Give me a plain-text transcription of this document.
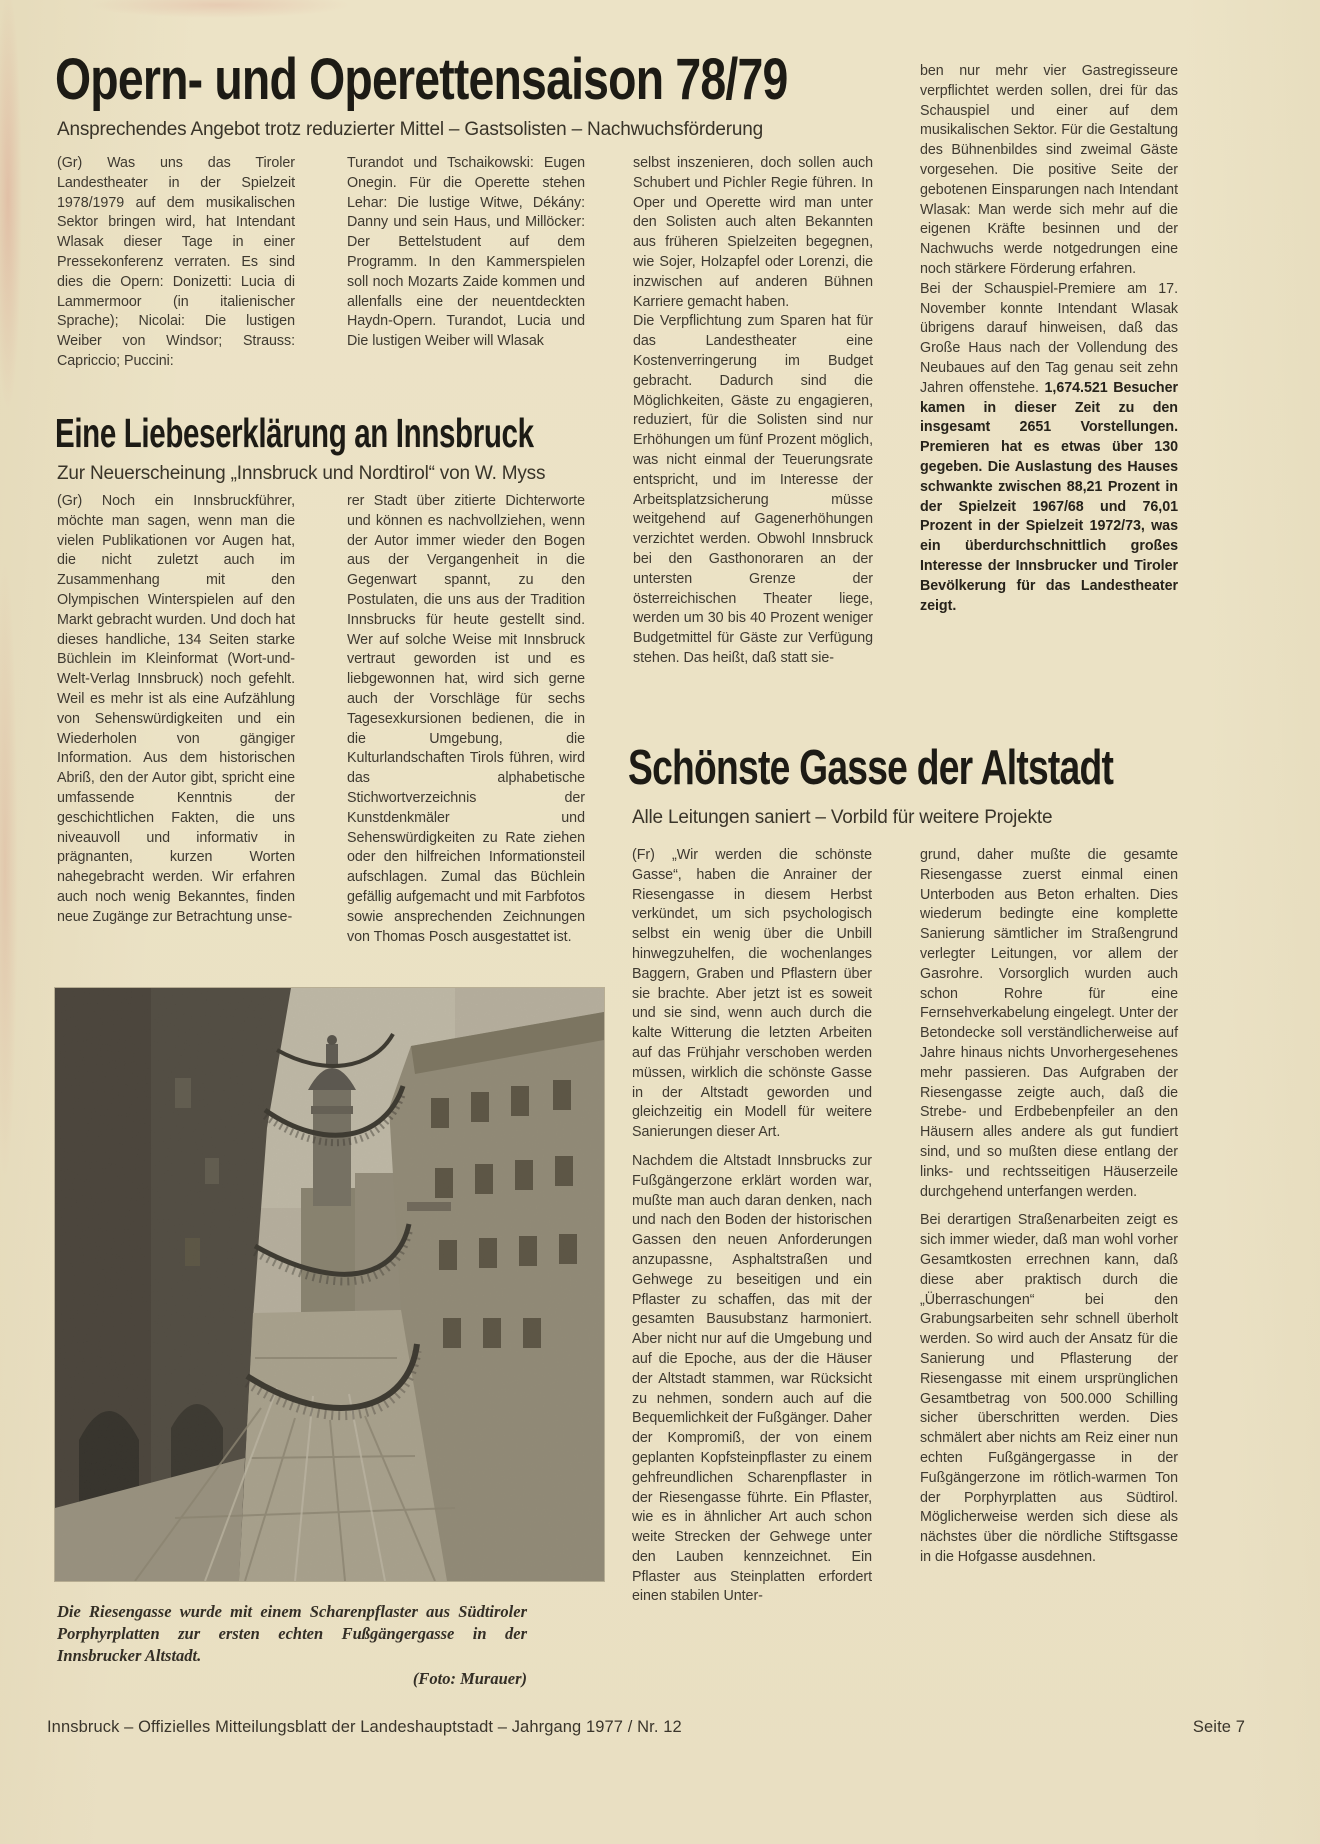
Opern- und Operettensaison 78/79
Ansprechendes Angebot trotz reduzierter Mittel – Gastsolisten – Nachwuchsförderung

(Gr) Was uns das Tiroler Landestheater in der Spielzeit 1978/1979 auf dem musikalischen Sektor bringen wird, hat Intendant Wlasak dieser Tage in einer Pressekonferenz verraten. Es sind dies die Opern: Donizetti: Lucia di Lammermoor (in italienischer Sprache); Nicolai: Die lustigen Weiber von Windsor; Strauss: Capriccio; Puccini:

Turandot und Tschaikowski: Eugen Onegin. Für die Operette stehen Lehar: Die lustige Witwe, Dékány: Danny und sein Haus, und Millöcker: Der Bettelstudent auf dem Programm. In den Kammerspielen soll noch Mozarts Zaide kommen und allenfalls eine der neuentdeckten Haydn-Opern. Turandot, Lucia und Die lustigen Weiber will Wlasak

selbst inszenieren, doch sollen auch Schubert und Pichler Regie führen. In Oper und Operette wird man unter den Solisten auch alten Bekannten aus früheren Spielzeiten begegnen, wie Sojer, Holzapfel oder Lorenzi, die inzwischen auf anderen Bühnen Karriere gemacht haben.

Die Verpflichtung zum Sparen hat für das Landestheater eine Kostenverringerung im Budget gebracht. Dadurch sind die Möglichkeiten, Gäste zu engagieren, reduziert, für die Solisten sind nur Erhöhungen um fünf Prozent möglich, was nicht einmal der Teuerungsrate entspricht, und im Interesse der Arbeitsplatzsicherung müsse weitgehend auf Gagenerhöhungen verzichtet werden. Obwohl Innsbruck bei den Gasthonoraren an der untersten Grenze der österreichischen Theater liege, werden um 30 bis 40 Prozent weniger Budgetmittel für Gäste zur Verfügung stehen. Das heißt, daß statt sie-

ben nur mehr vier Gastregisseure verpflichtet werden sollen, drei für das Schauspiel und einer auf dem musikalischen Sektor. Für die Gestaltung des Bühnenbildes sind zweimal Gäste vorgesehen. Die positive Seite der gebotenen Einsparungen nach Intendant Wlasak: Man werde sich mehr auf die eigenen Kräfte besinnen und der Nachwuchs werde notgedrungen eine noch stärkere Förderung erfahren.

Bei der Schauspiel-Premiere am 17. November konnte Intendant Wlasak übrigens darauf hinweisen, daß das Große Haus nach der Vollendung des Neubaues auf den Tag genau seit zehn Jahren offenstehe. 1,674.521 Besucher kamen in dieser Zeit zu den insgesamt 2651 Vorstellungen. Premieren hat es etwas über 130 gegeben. Die Auslastung des Hauses schwankte zwischen 88,21 Prozent in der Spielzeit 1967/68 und 76,01 Prozent in der Spielzeit 1972/73, was ein überdurchschnittlich großes Interesse der Innsbrucker und Tiroler Bevölkerung für das Landestheater zeigt.

Eine Liebeserklärung an Innsbruck
Zur Neuerscheinung „Innsbruck und Nordtirol“ von W. Myss

(Gr) Noch ein Innsbruckführer, möchte man sagen, wenn man die vielen Publikationen vor Augen hat, die nicht zuletzt auch im Zusammenhang mit den Olympischen Winterspielen auf den Markt gebracht wurden. Und doch hat dieses handliche, 134 Seiten starke Büchlein im Kleinformat (Wort-und-Welt-Verlag Innsbruck) noch gefehlt. Weil es mehr ist als eine Aufzählung von Sehenswürdigkeiten und ein Wiederholen von gängiger Information. Aus dem historischen Abriß, den der Autor gibt, spricht eine umfassende Kenntnis der geschichtlichen Fakten, die uns niveauvoll und informativ in prägnanten, kurzen Worten nahegebracht werden. Wir erfahren auch noch wenig Bekanntes, finden neue Zugänge zur Betrachtung unse-

rer Stadt über zitierte Dichterworte und können es nachvollziehen, wenn der Autor immer wieder den Bogen aus der Vergangenheit in die Gegenwart spannt, zu den Postulaten, die uns aus der Tradition Innsbrucks für heute gestellt sind. Wer auf solche Weise mit Innsbruck vertraut geworden ist und es liebgewonnen hat, wird sich gerne auch der Vorschläge für sechs Tagesexkursionen bedienen, die in die Umgebung, die Kulturlandschaften Tirols führen, wird das alphabetische Stichwortverzeichnis der Kunstdenkmäler und Sehenswürdigkeiten zu Rate ziehen oder den hilfreichen Informationsteil aufschlagen. Zumal das Büchlein gefällig aufgemacht und mit Farbfotos sowie ansprechenden Zeichnungen von Thomas Posch ausgestattet ist.

Schönste Gasse der Altstadt
Alle Leitungen saniert – Vorbild für weitere Projekte

(Fr) „Wir werden die schönste Gasse“, haben die Anrainer der Riesengasse in diesem Herbst verkündet, um sich psychologisch selbst ein wenig über die Unbill hinwegzuhelfen, die wochenlanges Baggern, Graben und Pflastern über sie brachte. Aber jetzt ist es soweit und sie sind, wenn auch durch die kalte Witterung die letzten Arbeiten auf das Frühjahr verschoben werden müssen, wirklich die schönste Gasse in der Altstadt geworden und gleichzeitig ein Modell für weitere Sanierungen dieser Art.

Nachdem die Altstadt Innsbrucks zur Fußgängerzone erklärt worden war, mußte man auch daran denken, nach und nach den Boden der historischen Gassen den neuen Anforderungen anzupassne, Asphaltstraßen und Gehwege zu beseitigen und ein Pflaster zu schaffen, das mit der gesamten Bausubstanz harmoniert. Aber nicht nur auf die Umgebung und auf die Epoche, aus der die Häuser der Altstadt stammen, war Rücksicht zu nehmen, sondern auch auf die Bequemlichkeit der Fußgänger. Daher der Kompromiß, der von einem geplanten Kopfsteinpflaster zu einem gehfreundlichen Scharenpflaster in der Riesengasse führte. Ein Pflaster, wie es in ähnlicher Art auch schon weite Strecken der Gehwege unter den Lauben kennzeichnet. Ein Pflaster aus Steinplatten erfordert einen stabilen Unter-

grund, daher mußte die gesamte Riesengasse zuerst einmal einen Unterboden aus Beton erhalten. Dies wiederum bedingte eine komplette Sanierung sämtlicher im Straßengrund verlegter Leitungen, vor allem der Gasrohre. Vorsorglich wurden auch schon Rohre für eine Fernsehverkabelung eingelegt. Unter der Betondecke soll verständlicherweise auf Jahre hinaus nichts Unvorhergesehenes mehr passieren. Das Aufgraben der Riesengasse zeigte auch, daß die Strebe- und Erdbebenpfeiler an den Häusern alles andere als gut fundiert sind, und so mußten diese entlang der links- und rechtsseitigen Häuserzeile durchgehend unterfangen werden.

Bei derartigen Straßenarbeiten zeigt es sich immer wieder, daß man wohl vorher Gesamtkosten errechnen kann, daß diese aber praktisch durch die „Überraschungen“ bei den Grabungsarbeiten sehr schnell überholt werden. So wird auch der Ansatz für die Sanierung und Pflasterung der Riesengasse mit einem ursprünglichen Gesamtbetrag von 500.000 Schilling sicher überschritten werden. Dies schmälert aber nichts am Reiz einer nun echten Fußgängergasse in der Fußgängerzone im rötlich-warmen Ton der Porphyrplatten aus Südtirol. Möglicherweise werden sich diese als nächstes über die nördliche Stiftsgasse in die Hofgasse ausdehnen.

Die Riesengasse wurde mit einem Scharenpflaster aus Südtiroler Porphyrplatten zur ersten echten Fußgängergasse in der Innsbrucker Altstadt.
(Foto: Murauer)
Innsbruck – Offizielles Mitteilungsblatt der Landeshauptstadt – Jahrgang 1977 / Nr. 12	Seite 7
